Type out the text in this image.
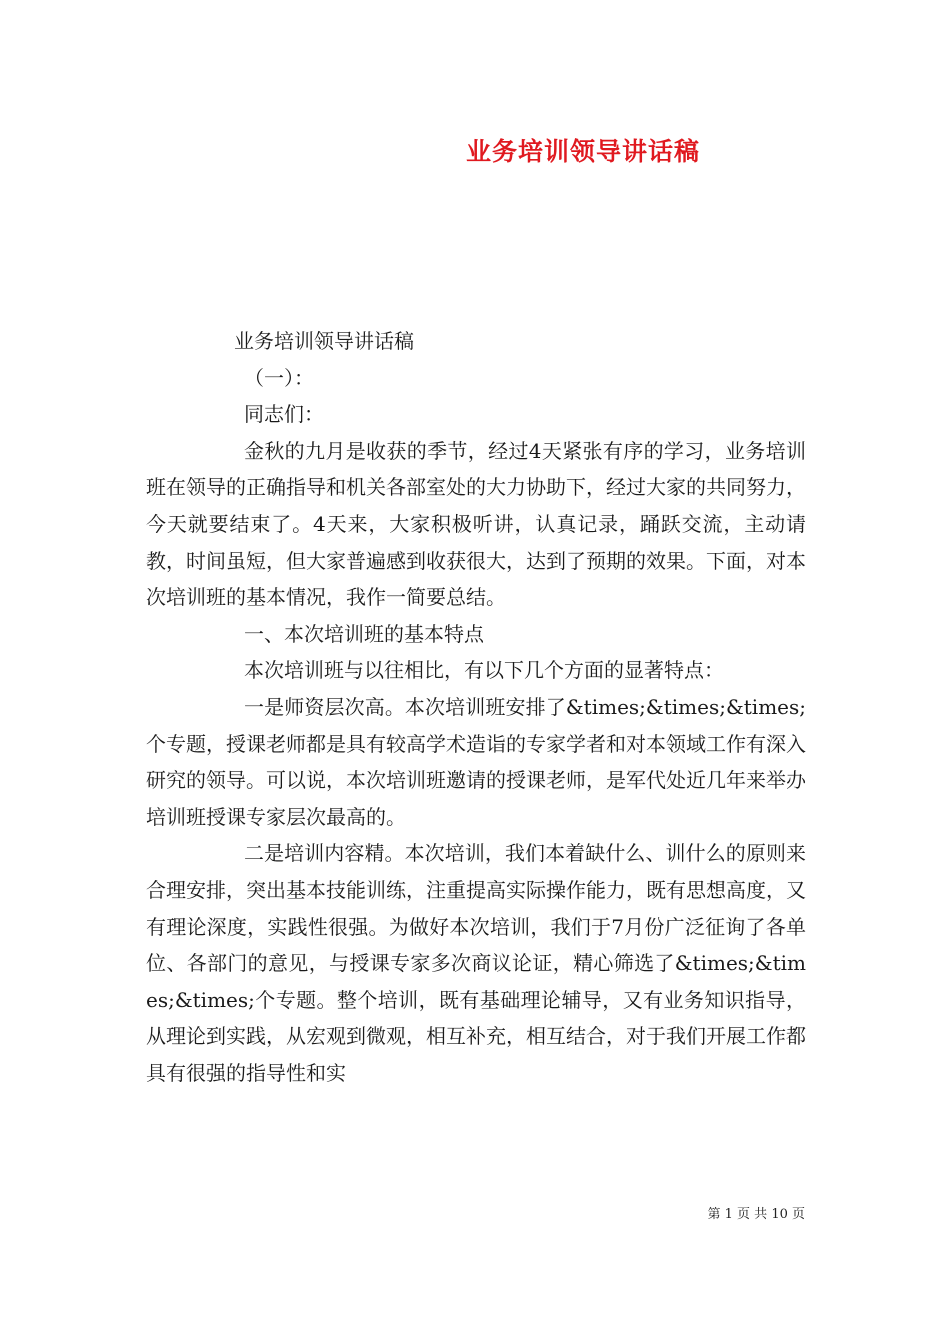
业务培训领导讲话稿

业务培训领导讲话稿

（一）：

同志们：

金秋的九月是收获的季节，经过4天紧张有序的学习，业务培训班在领导的正确指导和机关各部室处的大力协助下，经过大家的共同努力，今天就要结束了。4天来，大家积极听讲，认真记录，踊跃交流，主动请教，时间虽短，但大家普遍感到收获很大，达到了预期的效果。下面，对本次培训班的基本情况，我作一简要总结。

一、本次培训班的基本特点

本次培训班与以往相比，有以下几个方面的显著特点：

一是师资层次高。本次培训班安排了&times;&times;&times;个专题，授课老师都是具有较高学术造诣的专家学者和对本领域工作有深入研究的领导。可以说，本次培训班邀请的授课老师，是军代处近几年来举办培训班授课专家层次最高的。

二是培训内容精。本次培训，我们本着缺什么、训什么的原则来合理安排，突出基本技能训练，注重提高实际操作能力，既有思想高度，又有理论深度，实践性很强。为做好本次培训，我们于7月份广泛征询了各单位、各部门的意见，与授课专家多次商议论证，精心筛选了&times;&times;&times;个专题。整个培训，既有基础理论辅导，又有业务知识指导，从理论到实践，从宏观到微观，相互补充，相互结合，对于我们开展工作都具有很强的指导性和实

第 1 页 共 10 页
